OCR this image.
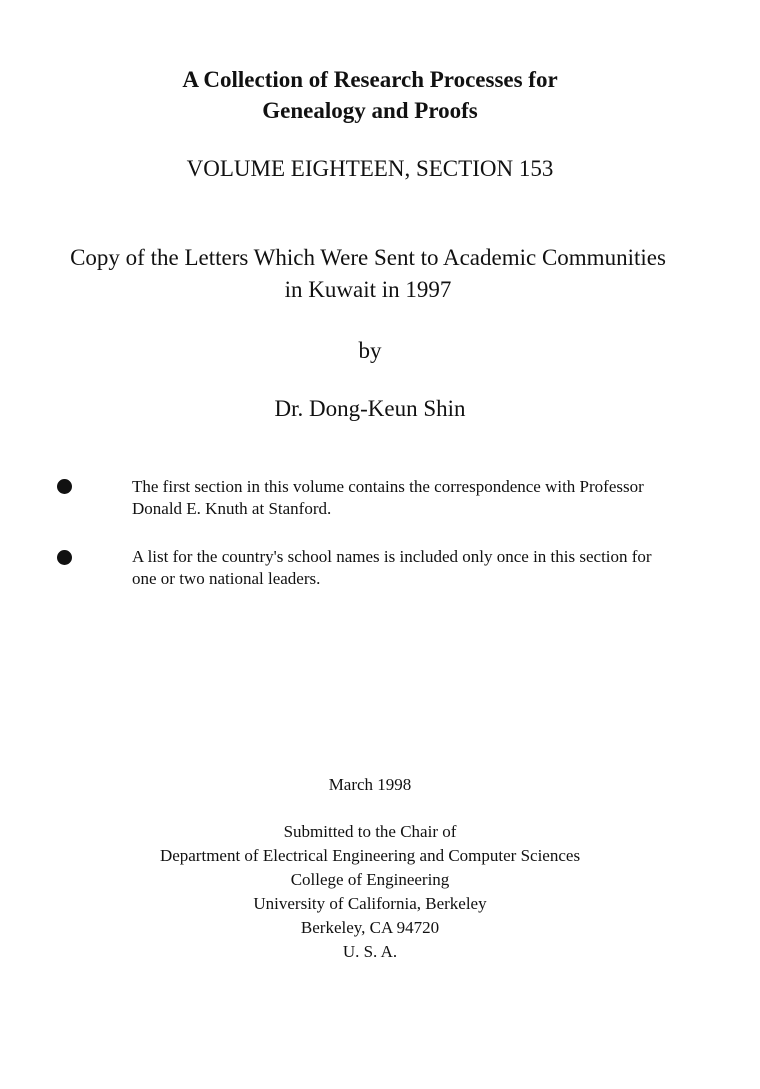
A Collection of Research Processes for
Genealogy and Proofs
VOLUME EIGHTEEN, SECTION 153
Copy of the Letters Which Were Sent to Academic Communities
in Kuwait in 1997
by
Dr. Dong-Keun Shin
The first section in this volume contains the correspondence with Professor
Donald E. Knuth at Stanford.
A list for the country's school names is included only once in this section for
one or two national leaders.
March 1998
Submitted to the Chair of
Department of Electrical Engineering and Computer Sciences
College of Engineering
University of California, Berkeley
Berkeley, CA 94720
U. S. A.
